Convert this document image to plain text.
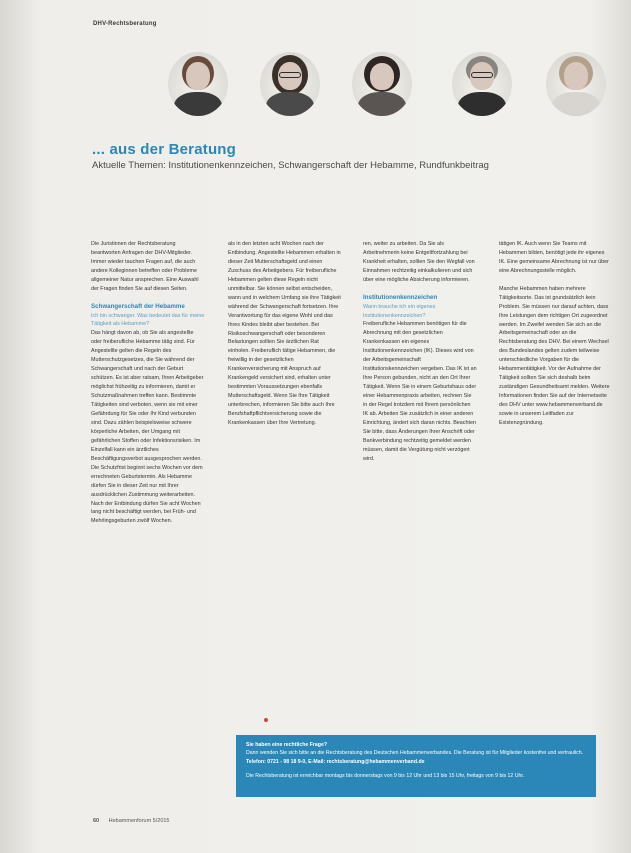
DHV-Rechtsberatung
... aus der Beratung
Aktuelle Themen: Institutionenkennzeichen, Schwangerschaft der Hebamme, Rundfunkbeitrag

Die Juristinnen der Rechtsberatung beantworten Anfragen der DHV-Mitglieder. Immer wieder tauchen Fragen auf, die auch andere Kolleginnen betreffen oder Probleme allgemeiner Natur ansprechen. Eine Auswahl der Fragen finden Sie auf diesen Seiten.

Schwangerschaft der Hebamme

Ich bin schwanger. Was bedeutet das für meine Tätigkeit als Hebamme?

Das hängt davon ab, ob Sie als angestellte oder freiberufliche Hebamme tätig sind. Für Angestellte gelten die Regeln des Mutterschutzgesetzes, die Sie während der Schwangerschaft und nach der Geburt schützen. Es ist aber ratsam, Ihren Arbeitgeber möglichst frühzeitig zu informieren, damit er Schutzmaßnahmen treffen kann. Bestimmte Tätigkeiten sind verboten, wenn sie mit einer Gefährdung für Sie oder Ihr Kind verbunden sind. Dazu zählen beispielsweise schwere körperliche Arbeiten, der Umgang mit gefährlichen Stoffen oder Infektionsrisiken. Im Einzelfall kann ein ärztliches Beschäftigungsverbot ausgesprochen werden. Die Schutzfrist beginnt sechs Wochen vor dem errechneten Geburtstermin. Als Hebamme dürfen Sie in dieser Zeit nur mit Ihrer ausdrücklichen Zustimmung weiterarbeiten. Nach der Entbindung dürfen Sie acht Wochen lang nicht beschäftigt werden, bei Früh- und Mehrlingsgeburten zwölf Wochen.

als in den letzten acht Wochen nach der Entbindung. Angestellte Hebammen erhalten in dieser Zeit Mutterschaftsgeld und einen Zuschuss des Arbeitgebers. Für freiberufliche Hebammen gelten diese Regeln nicht unmittelbar. Sie können selbst entscheiden, wann und in welchem Umfang sie ihre Tätigkeit während der Schwangerschaft fortsetzen. Ihre Verantwortung für das eigene Wohl und das Ihres Kindes bleibt aber bestehen. Bei Risikoschwangerschaft oder besonderen Belastungen sollten Sie ärztlichen Rat einholen. Freiberuflich tätige Hebammen, die freiwillig in der gesetzlichen Krankenversicherung mit Anspruch auf Krankengeld versichert sind, erhalten unter bestimmten Voraussetzungen ebenfalls Mutterschaftsgeld. Wenn Sie Ihre Tätigkeit unterbrechen, informieren Sie bitte auch Ihre Berufshaftpflichtversicherung sowie die Krankenkassen über Ihre Vertretung.

ren, weiter zu arbeiten. Da Sie als Arbeitnehmerin keine Entgeltfortzahlung bei Krankheit erhalten, sollten Sie den Wegfall von Einnahmen rechtzeitig einkalkulieren und sich über eine mögliche Absicherung informieren.

Institutionenkennzeichen

Wann brauche ich ein eigenes Institutionenkennzeichen?

Freiberufliche Hebammen benötigen für die Abrechnung mit den gesetzlichen Krankenkassen ein eigenes Institutionenkennzeichen (IK). Dieses wird von der Arbeitsgemeinschaft Institutionskennzeichen vergeben. Das IK ist an Ihre Person gebunden, nicht an den Ort Ihrer Tätigkeit. Wenn Sie in einem Geburtshaus oder einer Hebammenpraxis arbeiten, rechnen Sie in der Regel trotzdem mit Ihrem persönlichen IK ab. Arbeiten Sie zusätzlich in einer anderen Einrichtung, ändert sich daran nichts. Beachten Sie bitte, dass Änderungen Ihrer Anschrift oder Bankverbindung rechtzeitig gemeldet werden müssen, damit die Vergütung nicht verzögert wird.

tätigen IK. Auch wenn Sie Teams mit Hebammen bilden, benötigt jede ihr eigenes IK. Eine gemeinsame Abrechnung ist nur über eine Abrechnungsstelle möglich.

Manche Hebammen haben mehrere Tätigkeitsorte. Das ist grundsätzlich kein Problem. Sie müssen nur darauf achten, dass Ihre Leistungen dem richtigen Ort zugeordnet werden. Im Zweifel wenden Sie sich an die Arbeitsgemeinschaft oder an die Rechtsberatung des DHV. Bei einem Wechsel des Bundeslandes gelten zudem teilweise unterschiedliche Vorgaben für die Hebammentätigkeit. Vor der Aufnahme der Tätigkeit sollten Sie sich deshalb beim zuständigen Gesundheitsamt melden. Weitere Informationen finden Sie auf der Internetseite des DHV unter www.hebammenverband.de sowie in unserem Leitfaden zur Existenzgründung.

Sie haben eine rechtliche Frage?

Dann wenden Sie sich bitte an die Rechtsberatung des Deutschen Hebammenverbandes. Die Beratung ist für Mitglieder kostenfrei und vertraulich.

Telefon: 0721 - 98 18 9-0, E-Mail: rechtsberatung@hebammenverband.de

Die Rechtsberatung ist erreichbar montags bis donnerstags von 9 bis 12 Uhr und 13 bis 15 Uhr, freitags von 9 bis 12 Uhr.

60 Hebammenforum 5/2015
